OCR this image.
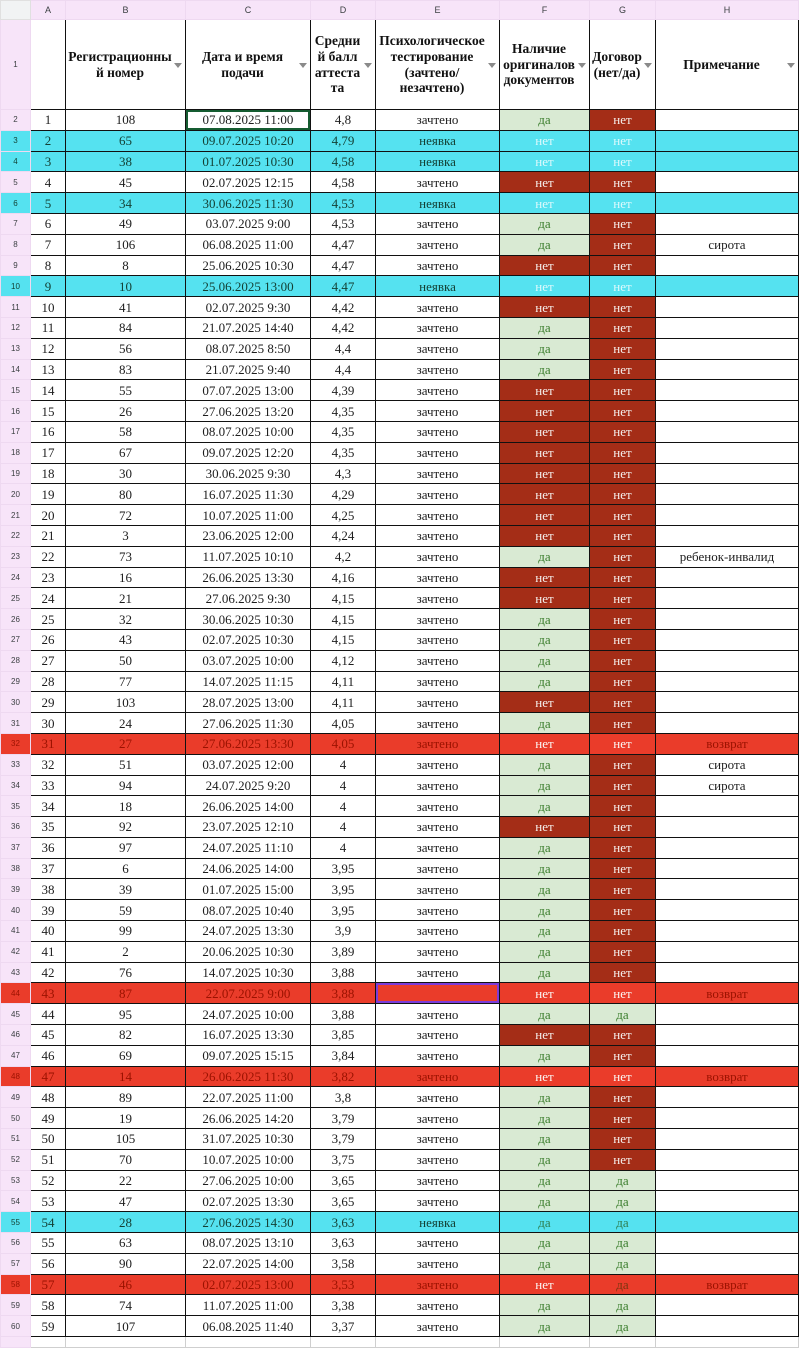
	A	B	C	D	E	F	G	H
1		Регистрационный номер	Дата и время подачи	Средний балл аттестата	Психологическое тестирование (зачтено/незачтено)	Наличие оригиналов документов	Договор (нет/да)	Примечание

2	1	108	07.08.2025 11:00	4,8	зачтено	да	нет	
3	2	65	09.07.2025 10:20	4,79	неявка	нет	нет	
4	3	38	01.07.2025 10:30	4,58	неявка	нет	нет	
5	4	45	02.07.2025 12:15	4,58	зачтено	нет	нет	
6	5	34	30.06.2025 11:30	4,53	неявка	нет	нет	
7	6	49	03.07.2025 9:00	4,53	зачтено	да	нет	
8	7	106	06.08.2025 11:00	4,47	зачтено	да	нет	сирота
9	8	8	25.06.2025 10:30	4,47	зачтено	нет	нет	
10	9	10	25.06.2025 13:00	4,47	неявка	нет	нет	
11	10	41	02.07.2025 9:30	4,42	зачтено	нет	нет	
12	11	84	21.07.2025 14:40	4,42	зачтено	да	нет	
13	12	56	08.07.2025 8:50	4,4	зачтено	да	нет	
14	13	83	21.07.2025 9:40	4,4	зачтено	да	нет	
15	14	55	07.07.2025 13:00	4,39	зачтено	нет	нет	
16	15	26	27.06.2025 13:20	4,35	зачтено	нет	нет	
17	16	58	08.07.2025 10:00	4,35	зачтено	нет	нет	
18	17	67	09.07.2025 12:20	4,35	зачтено	нет	нет	
19	18	30	30.06.2025 9:30	4,3	зачтено	нет	нет	
20	19	80	16.07.2025 11:30	4,29	зачтено	нет	нет	
21	20	72	10.07.2025 11:00	4,25	зачтено	нет	нет	
22	21	3	23.06.2025 12:00	4,24	зачтено	нет	нет	
23	22	73	11.07.2025 10:10	4,2	зачтено	да	нет	ребенок-инвалид
24	23	16	26.06.2025 13:30	4,16	зачтено	нет	нет	
25	24	21	27.06.2025 9:30	4,15	зачтено	нет	нет	
26	25	32	30.06.2025 10:30	4,15	зачтено	да	нет	
27	26	43	02.07.2025 10:30	4,15	зачтено	да	нет	
28	27	50	03.07.2025 10:00	4,12	зачтено	да	нет	
29	28	77	14.07.2025 11:15	4,11	зачтено	да	нет	
30	29	103	28.07.2025 13:00	4,11	зачтено	нет	нет	
31	30	24	27.06.2025 11:30	4,05	зачтено	да	нет	
32	31	27	27.06.2025 13:30	4,05	зачтено	нет	нет	возврат
33	32	51	03.07.2025 12:00	4	зачтено	да	нет	сирота
34	33	94	24.07.2025 9:20	4	зачтено	да	нет	сирота
35	34	18	26.06.2025 14:00	4	зачтено	да	нет	
36	35	92	23.07.2025 12:10	4	зачтено	нет	нет	
37	36	97	24.07.2025 11:10	4	зачтено	да	нет	
38	37	6	24.06.2025 14:00	3,95	зачтено	да	нет	
39	38	39	01.07.2025 15:00	3,95	зачтено	да	нет	
40	39	59	08.07.2025 10:40	3,95	зачтено	да	нет	
41	40	99	24.07.2025 13:30	3,9	зачтено	да	нет	
42	41	2	20.06.2025 10:30	3,89	зачтено	да	нет	
43	42	76	14.07.2025 10:30	3,88	зачтено	да	нет	
44	43	87	22.07.2025 9:00	3,88		нет	нет	возврат
45	44	95	24.07.2025 10:00	3,88	зачтено	да	да	
46	45	82	16.07.2025 13:30	3,85	зачтено	нет	нет	
47	46	69	09.07.2025 15:15	3,84	зачтено	да	нет	
48	47	14	26.06.2025 11:30	3,82	зачтено	нет	нет	возврат
49	48	89	22.07.2025 11:00	3,8	зачтено	да	нет	
50	49	19	26.06.2025 14:20	3,79	зачтено	да	нет	
51	50	105	31.07.2025 10:30	3,79	зачтено	да	нет	
52	51	70	10.07.2025 10:00	3,75	зачтено	да	нет	
53	52	22	27.06.2025 10:00	3,65	зачтено	да	да	
54	53	47	02.07.2025 13:30	3,65	зачтено	да	да	
55	54	28	27.06.2025 14:30	3,63	неявка	да	да	
56	55	63	08.07.2025 13:10	3,63	зачтено	да	да	
57	56	90	22.07.2025 14:00	3,58	зачтено	да	да	
58	57	46	02.07.2025 13:00	3,53	зачтено	нет	да	возврат
59	58	74	11.07.2025 11:00	3,38	зачтено	да	да	
60	59	107	06.08.2025 11:40	3,37	зачтено	да	да	
